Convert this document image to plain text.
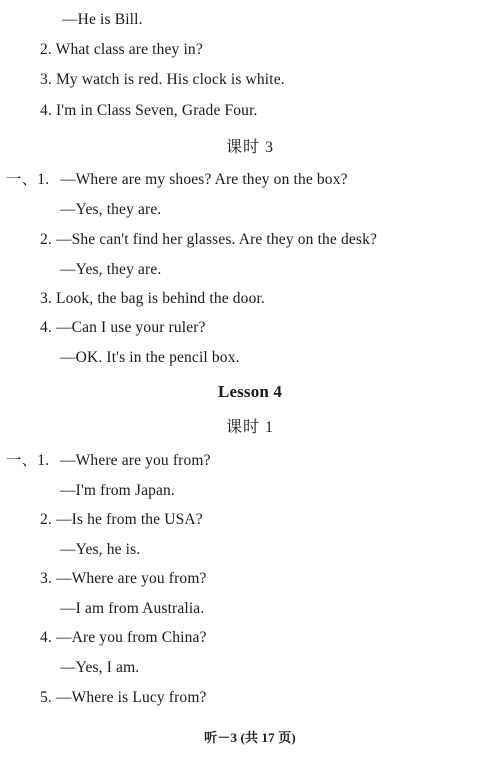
—He is Bill.
2. What class are they in?
3. My watch is red. His clock is white.
4. I'm in Class Seven, Grade Four.
课时 3
一、1. —Where are my shoes? Are they on the box?
—Yes, they are.
2. —She can't find her glasses. Are they on the desk?
—Yes, they are.
3. Look, the bag is behind the door.
4. —Can I use your ruler?
—OK. It's in the pencil box.
Lesson 4
课时 1
一、1. —Where are you from?
—I'm from Japan.
2. —Is he from the USA?
—Yes, he is.
3. —Where are you from?
—I am from Australia.
4. —Are you from China?
—Yes, I am.
5. —Where is Lucy from?
听－3 (共 17 页)
